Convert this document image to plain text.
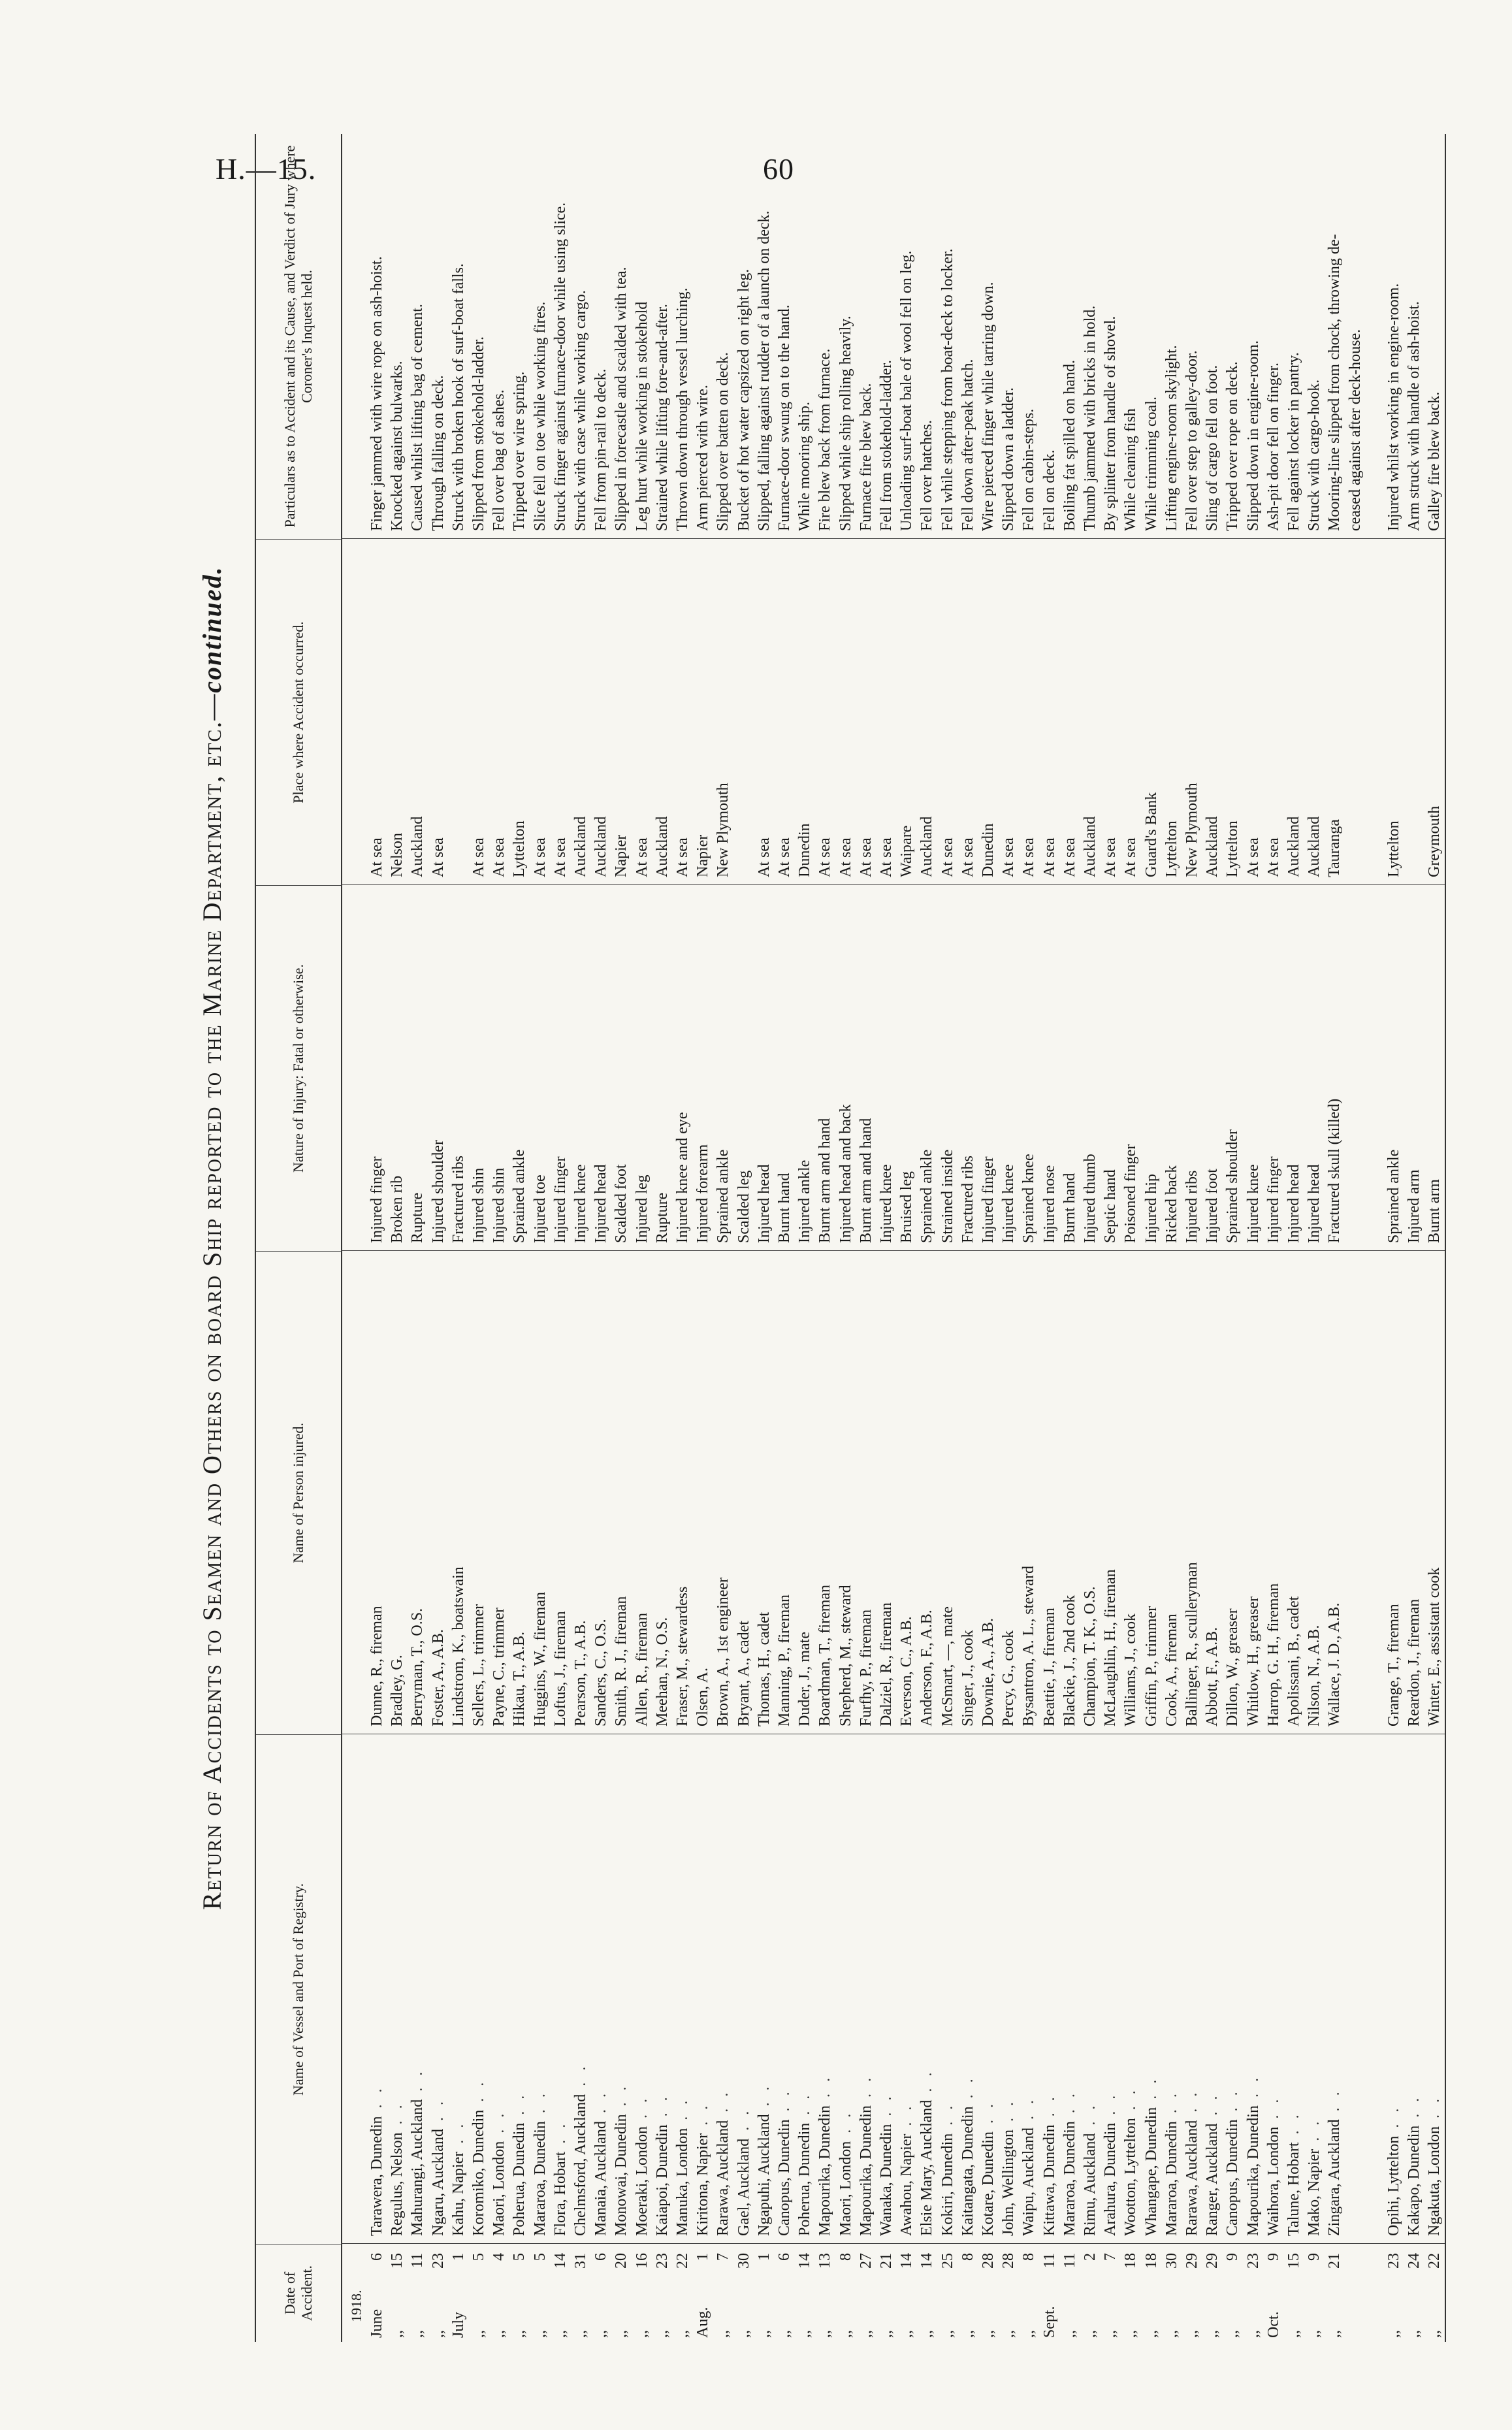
H.—15.	60
Return of Accidents to Seamen and Others on board Ship reported to the Marine Department, etc.—continued.
Date of Accident.
Name of Vessel and Port of Registry.
Name of Person injured.
Nature of Injury: Fatal or otherwise.
Place where Accident occurred.
Particulars as to Accident and its Cause, and Verdict of Jury where Coroner's Inquest held.
1918.
June
6
Tarawera, Dunedin . .
Dunne, R., fireman
Injured finger
At sea
Finger jammed with wire rope on ash-hoist.
,,
15
Regulus, Nelson . .
Bradley, G.
Broken rib
Nelson
Knocked against bulwarks.
,,
11
Mahurangi, Auckland . .
Berryman, T., O.S.
Rupture
Auckland
Caused whilst lifting bag of cement.
,,
23
Ngaru, Auckland . .
Foster, A., A.B.
Injured shoulder
At sea
Through falling on deck.
July
1
Kahu, Napier . .
Lindstrom, K., boatswain
Fractured ribs
Struck with broken hook of surf-boat falls.
,,
5
Koromiko, Dunedin . .
Sellers, L., trimmer
Injured shin
At sea
Slipped from stokehold-ladder.
,,
4
Maori, London . .
Payne, C., trimmer
Injured shin
At sea
Fell over bag of ashes.
,,
5
Poherua, Dunedin . .
Hikau, T., A.B.
Sprained ankle
Lyttelton
Tripped over wire spring.
,,
5
Mararoa, Dunedin . .
Huggins, W., fireman
Injured toe
At sea
Slice fell on toe while working fires.
,,
14
Flora, Hobart . .
Loftus, J., fireman
Injured finger
At sea
Struck finger against furnace-door while using slice.
,,
31
Chelmsford, Auckland . .
Pearson, T., A.B.
Injured knee
Auckland
Struck with case while working cargo.
,,
6
Manaia, Auckland . .
Sanders, C., O.S.
Injured head
Auckland
Fell from pin-rail to deck.
,,
20
Monowai, Dunedin . .
Smith, R. J., fireman
Scalded foot
Napier
Slipped in forecastle and scalded with tea.
,,
16
Moeraki, London . .
Allen, R., fireman
Injured leg
At sea
Leg hurt while working in stokehold
,,
23
Kaiapoi, Dunedin . .
Meehan, N., O.S.
Rupture
Auckland
Strained while lifting fore-and-after.
,,
22
Manuka, London . .
Fraser, M., stewardess
Injured knee and eye
At sea
Thrown down through vessel lurching.
Aug.
1
Kiritona, Napier . .
Olsen, A.
Injured forearm
Napier
Arm pierced with wire.
,,
7
Rarawa, Auckland . .
Brown, A., 1st engineer
Sprained ankle
New Plymouth
Slipped over batten on deck.
,,
30
Gael, Auckland . .
Bryant, A., cadet
Scalded leg
Bucket of hot water capsized on right leg.
,,
1
Ngapuhi, Auckland . .
Thomas, H., cadet
Injured head
At sea
Slipped, falling against rudder of a launch on deck.
,,
6
Canopus, Dunedin . .
Manning, P., fireman
Burnt hand
At sea
Furnace-door swung on to the hand.
,,
14
Poherua, Dunedin . .
Duder, J., mate
Injured ankle
Dunedin
While mooring ship.
,,
13
Mapourika, Dunedin . .
Boardman, T., fireman
Burnt arm and hand
At sea
Fire blew back from furnace.
,,
8
Maori, London . .
Shepherd, M., steward
Injured head and back
At sea
Slipped while ship rolling heavily.
,,
27
Mapourika, Dunedin . .
Furfhy, P., fireman
Burnt arm and hand
At sea
Furnace fire blew back.
,,
21
Wanaka, Dunedin . .
Dalziel, R., fireman
Injured knee
At sea
Fell from stokehold-ladder.
,,
14
Awahou, Napier . .
Everson, C., A.B.
Bruised leg
Waipare
Unloading surf-boat bale of wool fell on leg.
,,
14
Elsie Mary, Auckland . .
Anderson, F., A.B.
Sprained ankle
Auckland
Fell over hatches.
,,
25
Kokiri, Dunedin . .
McSmart, —, mate
Strained inside
At sea
Fell while stepping from boat-deck to locker.
,,
8
Kaitangata, Dunedin . .
Singer, J., cook
Fractured ribs
At sea
Fell down after-peak hatch.
,,
28
Kotare, Dunedin . .
Downie, A., A.B.
Injured finger
Dunedin
Wire pierced finger while tarring down.
,,
28
John, Wellington . .
Percy, G., cook
Injured knee
At sea
Slipped down a ladder.
,,
8
Waipu, Auckland . .
Bysantron, A. L., steward
Sprained knee
At sea
Fell on cabin-steps.
Sept.
11
Kittawa, Dunedin . .
Beattie, J., fireman
Injured nose
At sea
Fell on deck.
,,
11
Mararoa, Dunedin . .
Blackie, J., 2nd cook
Burnt hand
At sea
Boiling fat spilled on hand.
,,
2
Rimu, Auckland . .
Champion, T. K., O.S.
Injured thumb
Auckland
Thumb jammed with bricks in hold.
,,
7
Arahura, Dunedin . .
McLaughlin, H., fireman
Septic hand
At sea
By splinter from handle of shovel.
,,
18
Wootton, Lyttelton . .
Williams, J., cook
Poisoned finger
At sea
While cleaning fish
,,
18
Whangape, Dunedin . .
Griffin, P., trimmer
Injured hip
Guard's Bank
While trimming coal.
,,
30
Mararoa, Dunedin . .
Cook, A., fireman
Ricked back
Lyttelton
Lifting engine-room skylight.
,,
29
Rarawa, Auckland . .
Ballinger, R., sculleryman
Injured ribs
New Plymouth
Fell over step to galley-door.
,,
29
Ranger, Auckland . .
Abbott, F., A.B.
Injured foot
Auckland
Sling of cargo fell on foot.
,,
9
Canopus, Dunedin . .
Dillon, W., greaser
Sprained shoulder
Lyttelton
Tripped over rope on deck.
,,
23
Mapourika, Dunedin . .
Whitlow, H., greaser
Injured knee
At sea
Slipped down in engine-room.
Oct.
9
Waihora, London . .
Harrop, G. H., fireman
Injured finger
At sea
Ash-pit door fell on finger.
,,
15
Talune, Hobart . .
Apolissani, B., cadet
Injured head
Auckland
Fell against locker in pantry.
,,
9
Mako, Napier . .
Nilson, N., A.B.
Injured head
Auckland
Struck with cargo-hook.
,,
21
Zingara, Auckland . .
Wallace, J. D., A.B.
Fractured skull (killed)
Tauranga
Mooring-line slipped from chock, throwing de- ceased against after deck-house.
,,
23
Opihi, Lyttelton . .
Grange, T., fireman
Sprained ankle
Lyttelton
Injured whilst working in engine-room.
,,
24
Kakapo, Dunedin . .
Reardon, J., fireman
Injured arm
Arm struck with handle of ash-hoist.
,,
22
Ngakuta, London . .
Winter, E., assistant cook
Burnt arm
Greymouth
Galley fire blew back.
